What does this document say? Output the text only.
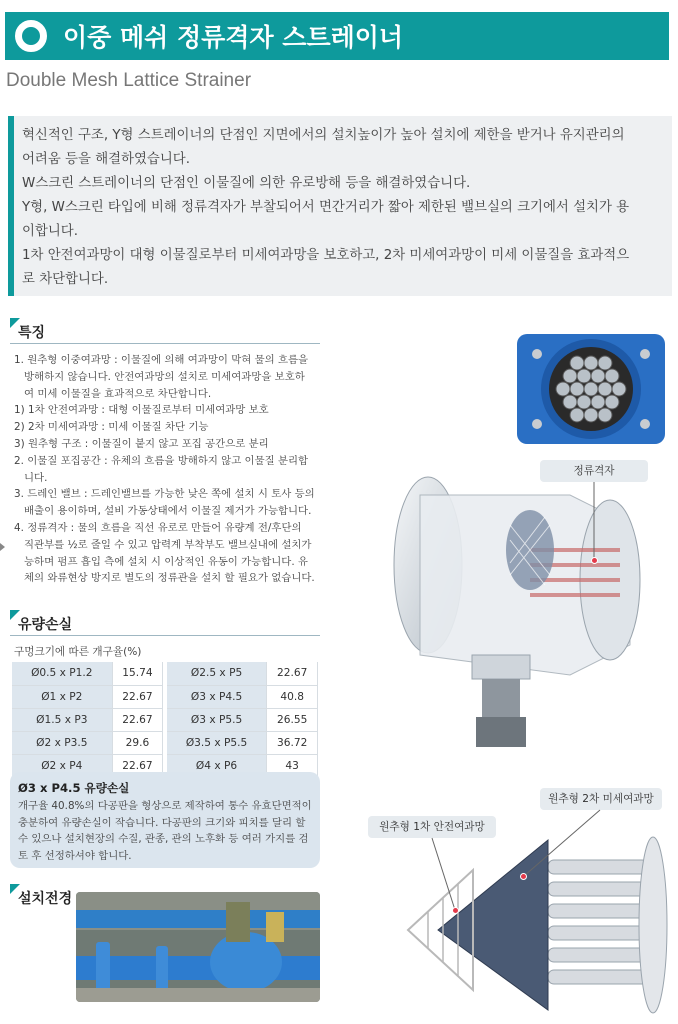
이중 메쉬 정류격자 스트레이너
Double Mesh Lattice Strainer

혁신적인 구조, Y형 스트레이너의 단점인 지면에서의 설치높이가 높아 설치에 제한을 받거나 유지관리의

어려움 등을 해결하였습니다.

W스크린 스트레이너의 단점인 이물질에 의한 유로방해 등을 해결하였습니다.

Y형, W스크린 타입에 비해 정류격자가 부찰되어서 면간거리가 짧아 제한된 밸브실의 크기에서 설치가 용

이합니다.

1차 안전여과망이 대형 이물질로부터 미세여과망을 보호하고, 2차 미세여과망이 미세 이물질을 효과적으

로 차단합니다.

특징
1. 원추형 이중여과망 : 이물질에 의해 여과망이 막혀 물의 흐름을
방해하지 않습니다. 안전여과망의 설치로 미세여과망을 보호하
여 미세 이물질을 효과적으로 차단합니다.
1) 1차 안전여과망 : 대형 이물질로부터 미세여과망 보호
2) 2차 미세여과망 : 미세 이물질 차단 기능
3) 원추형 구조 : 이물질이 붙지 않고 포집 공간으로 분리
2. 이물질 포집공간 : 유체의 흐름을 방해하지 않고 이물질 분리합
니다.
3. 드레인 밸브 : 드레인밸브를 가능한 낮은 쪽에 설치 시 토사 등의
배출이 용이하며, 설비 가동상태에서 이물질 제거가 가능합니다.
4. 정류격자 : 물의 흐름을 직선 유로로 만들어 유량계 전/후단의
직관부를 ½로 줄일 수 있고 압력계 부착부도 밸브실내에 설치가
능하며 펌프 흡입 측에 설치 시 이상적인 유동이 가능합니다. 유
체의 와류현상 방지로 별도의 정류관을 설치 할 필요가 없습니다.
유량손실
구멍크기에 따른 개구율(%)
Ø0.5 x P1.2	15.74		Ø2.5 x P5	22.67
Ø1 x P2	22.67		Ø3 x P4.5	40.8
Ø1.5 x P3	22.67		Ø3 x P5.5	26.55
Ø2 x P3.5	29.6		Ø3.5 x P5.5	36.72
Ø2 x P4	22.67		Ø4 x P6	43
Ø3 x P4.5 유량손실
개구율 40.8%의 다공판을 형상으로 제작하여 통수 유효단면적이
충분하여 유량손실이 작습니다. 다공판의 크기와 피치를 달리 할
수 있으나 설치현장의 수질, 관종, 관의 노후화 등 여러 가지를 검
토 후 선정하셔야 합니다.
설치전경
정류격자
원추형 2차 미세여과망
원추형 1차 안전여과망
